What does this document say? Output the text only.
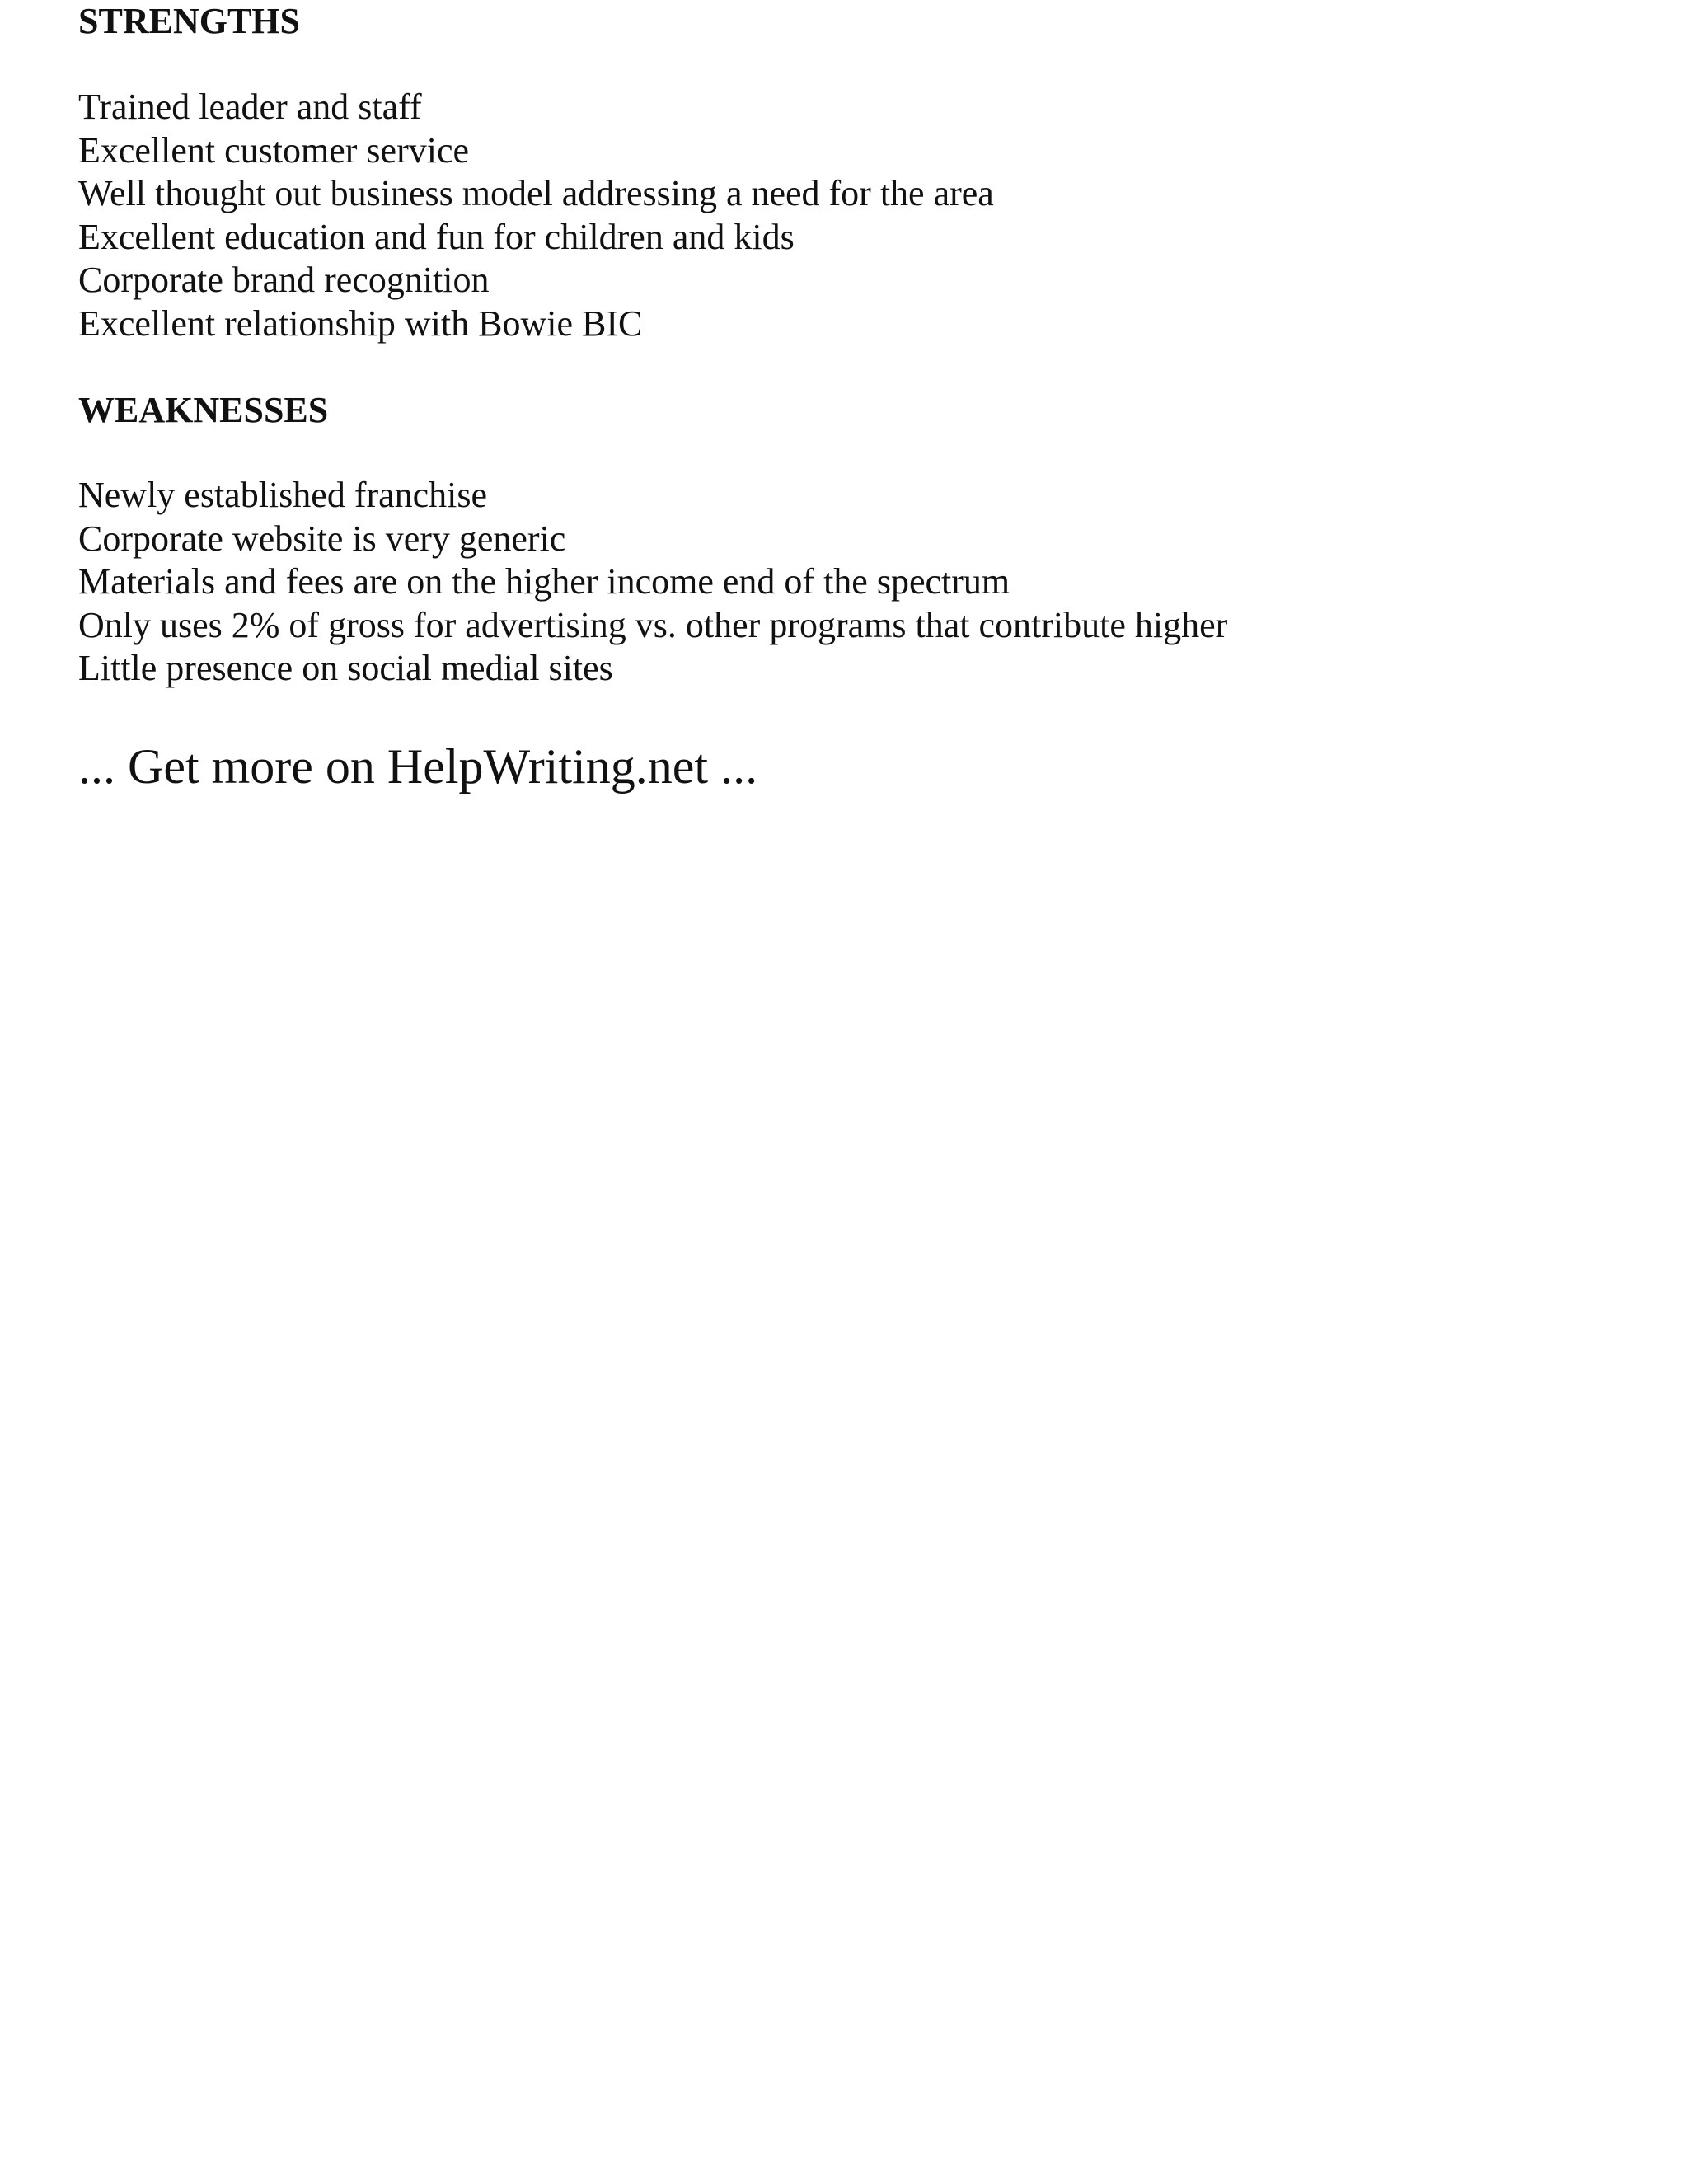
STRENGTHS
Trained leader and staff
Excellent customer service
Well thought out business model addressing a need for the area
Excellent education and fun for children and kids
Corporate brand recognition
Excellent relationship with Bowie BIC
WEAKNESSES
Newly established franchise
Corporate website is very generic
Materials and fees are on the higher income end of the spectrum
Only uses 2% of gross for advertising vs. other programs that contribute higher
Little presence on social medial sites

... Get more on HelpWriting.net ...
